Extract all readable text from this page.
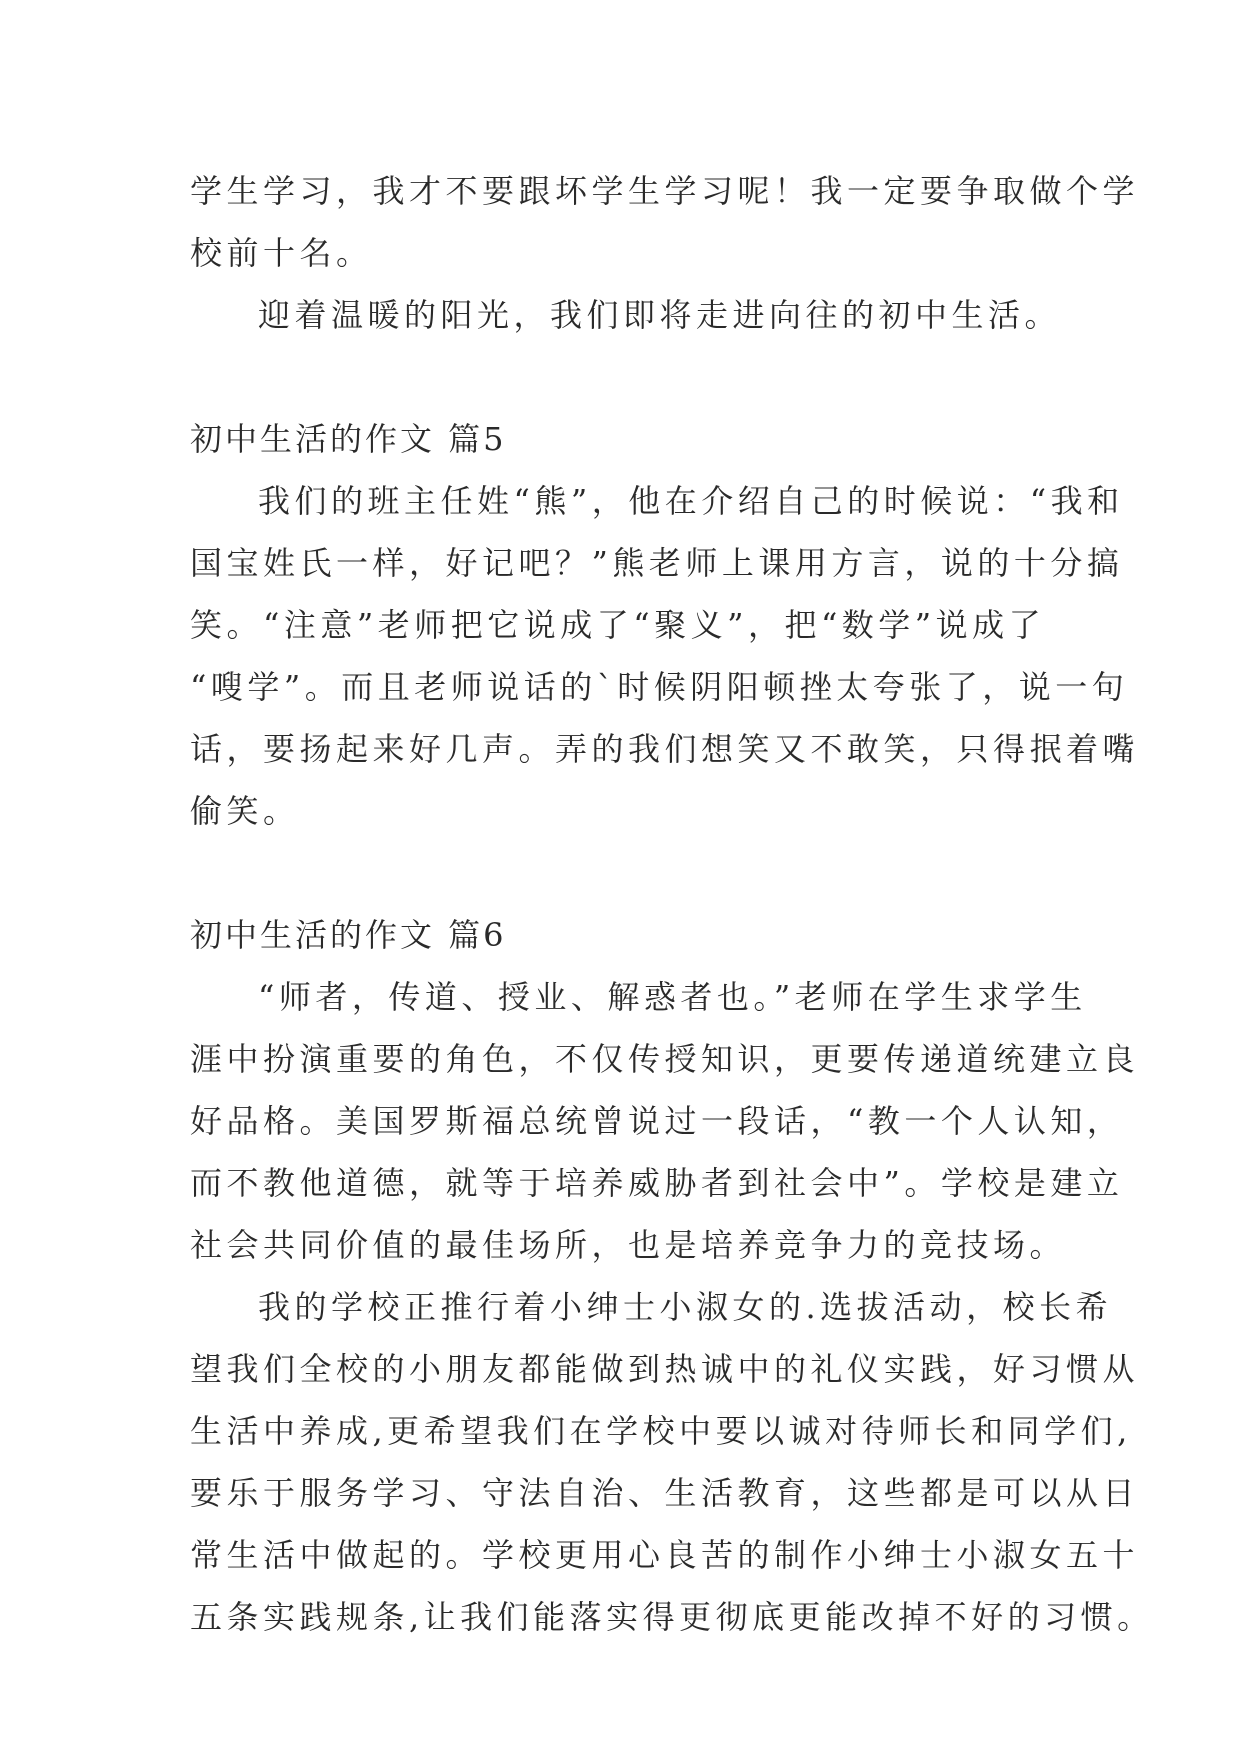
学生学习，我才不要跟坏学生学习呢！我一定要争取做个学
校前十名。
迎着温暖的阳光，我们即将走进向往的初中生活。
初中生活的作文 篇5
我们的班主任姓“熊”，他在介绍自己的时候说：“我和
国宝姓氏一样，好记吧？”熊老师上课用方言，说的十分搞
笑。“注意”老师把它说成了“聚义”，把“数学”说成了
“嗖学”。而且老师说话的`时候阴阳顿挫太夸张了，说一句
话，要扬起来好几声。弄的我们想笑又不敢笑，只得抿着嘴
偷笑。
初中生活的作文 篇6
“师者，传道、授业、解惑者也。”老师在学生求学生
涯中扮演重要的角色，不仅传授知识，更要传递道统建立良
好品格。美国罗斯福总统曾说过一段话，“教一个人认知，
而不教他道德，就等于培养威胁者到社会中”。学校是建立
社会共同价值的最佳场所，也是培养竞争力的竞技场。
我的学校正推行着小绅士小淑女的.选拔活动，校长希
望我们全校的小朋友都能做到热诚中的礼仪实践，好习惯从
生活中养成,更希望我们在学校中要以诚对待师长和同学们,
要乐于服务学习、守法自治、生活教育，这些都是可以从日
常生活中做起的。学校更用心良苦的制作小绅士小淑女五十
五条实践规条,让我们能落实得更彻底更能改掉不好的习惯。
